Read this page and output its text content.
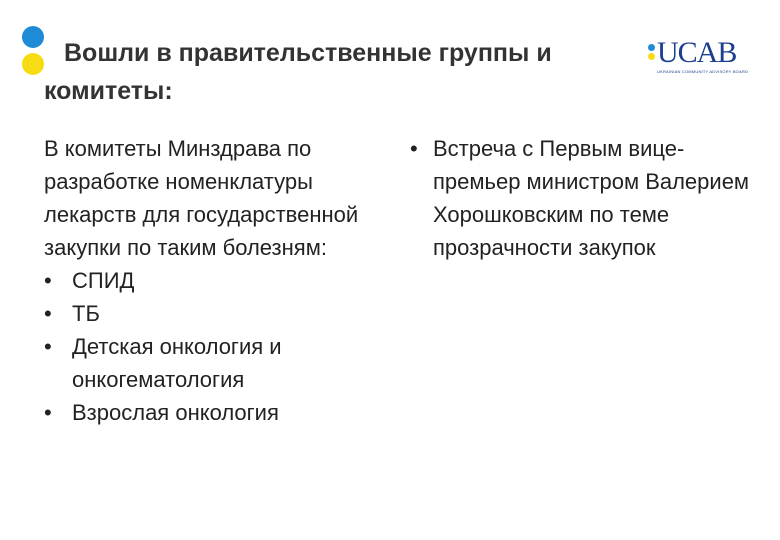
Вошли в правительственные группы и
комитеты:
UCAB
UKRAINIAN COMMUNITY ADVISORY BOARD

В комитеты Минздрава по разработке номенклатуры лекарств для государственной закупки по таким болезням:

• СПИД
• ТБ
• Детская онкология и онкогематология
• Взрослая онкология
• Встреча с Первым вице-премьер министром Валерием Хорошковским по теме прозрачности закупок
